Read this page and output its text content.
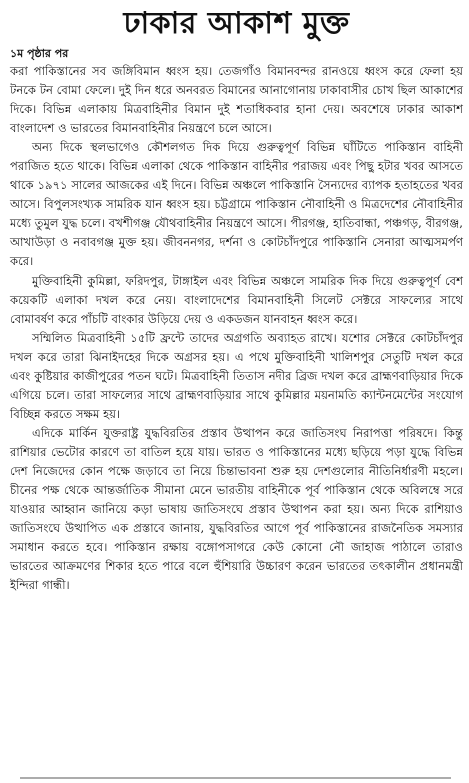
ঢাকার আকাশ মুক্ত
১ম পৃষ্ঠার পর

করা পাকিস্তানের সব জঙ্গিবিমান ধ্বংস হয়। তেজগাঁও বিমানবন্দর রানওয়ে ধ্বংস করে ফেলা হয় টনকে টন বোমা ফেলে। দুই দিন ধরে অনবরত বিমানের আনাগোনায় ঢাকাবাসীর চোখ ছিল আকাশের দিকে। বিভিন্ন এলাকায় মিত্রবাহিনীর বিমান দুই শতাধিকবার হানা দেয়। অবশেষে ঢাকার আকাশ বাংলাদেশ ও ভারতের বিমানবাহিনীর নিয়ন্ত্রণে চলে আসে।

অন্য দিকে স্থলভাগেও কৌশলগত দিক দিয়ে গুরুত্বপূর্ণ বিভিন্ন ঘাঁটিতে পাকিস্তান বাহিনী পরাজিত হতে থাকে। বিভিন্ন এলাকা থেকে পাকিস্তান বাহিনীর পরাজয় এবং পিছু হটার খবর আসতে থাকে ১৯৭১ সালের আজকের এই দিনে। বিভিন্ন অঞ্চলে পাকিস্তানি সৈন্যদের ব্যাপক হতাহতের খবর আসে। বিপুলসংখ্যক সামরিক যান ধ্বংস হয়। চট্টগ্রামে পাকিস্তান নৌবাহিনী ও মিত্রদেশের নৌবাহিনীর মধ্যে তুমুল যুদ্ধ চলে। বখশীগঞ্জ যৌথবাহিনীর নিয়ন্ত্রণে আসে। পীরগঞ্জ, হাতিবান্ধা, পঞ্চগড়, বীরগঞ্জ, আখাউড়া ও নবাবগঞ্জ মুক্ত হয়। জীবননগর, দর্শনা ও কোটচাঁদপুরে পাকিস্তানি সেনারা আত্মসমর্পণ করে।

মুক্তিবাহিনী কুমিল্লা, ফরিদপুর, টাঙ্গাইল এবং বিভিন্ন অঞ্চলে সামরিক দিক দিয়ে গুরুত্বপূর্ণ বেশ কয়েকটি এলাকা দখল করে নেয়। বাংলাদেশের বিমানবাহিনী সিলেট সেক্টরে সাফল্যের সাথে বোমাবর্ষণ করে পাঁচটি বাংকার উড়িয়ে দেয় ও একডজন যানবাহন ধ্বংস করে।

সম্মিলিত মিত্রবাহিনী ১৫টি ফ্রন্টে তাদের অগ্রগতি অব্যাহত রাখে। যশোর সেক্টরে কোটচাঁদপুর দখল করে তারা ঝিনাইদহের দিকে অগ্রসর হয়। এ পথে মুক্তিবাহিনী খালিশপুর সেতুটি দখল করে এবং কুষ্টিয়ার কাজীপুরের পতন ঘটে। মিত্রবাহিনী তিতাস নদীর ব্রিজ দখল করে ব্রাহ্মণবাড়িয়ার দিকে এগিয়ে চলে। তারা সাফল্যের সাথে ব্রাহ্মণবাড়িয়ার সাথে কুমিল্লার ময়নামতি ক্যান্টনমেন্টের সংযোগ বিচ্ছিন্ন করতে সক্ষম হয়।

এদিকে মার্কিন যুক্তরাষ্ট্র যুদ্ধবিরতির প্রস্তাব উত্থাপন করে জাতিসংঘ নিরাপত্তা পরিষদে। কিন্তু রাশিয়ার ভেটোর কারণে তা বাতিল হয়ে যায়। ভারত ও পাকিস্তানের মধ্যে ছড়িয়ে পড়া যুদ্ধে বিভিন্ন দেশ নিজেদের কোন পক্ষে জড়াবে তা নিয়ে চিন্তাভাবনা শুরু হয় দেশগুলোর নীতিনির্ধারণী মহলে। চীনের পক্ষ থেকে আন্তর্জাতিক সীমানা মেনে ভারতীয় বাহিনীকে পূর্ব পাকিস্তান থেকে অবিলম্বে সরে যাওয়ার আহ্বান জানিয়ে কড়া ভাষায় জাতিসংঘে প্রস্তাব উত্থাপন করা হয়। অন্য দিকে রাশিয়াও জাতিসংঘে উত্থাপিত এক প্রস্তাবে জানায়, যুদ্ধবিরতির আগে পূর্ব পাকিস্তানের রাজনৈতিক সমস্যার সমাধান করতে হবে। পাকিস্তান রক্ষায় বঙ্গোপসাগরে কেউ কোনো নৌ জাহাজ পাঠালে তারাও ভারতের আক্রমণের শিকার হতে পারে বলে হুঁশিয়ারি উচ্চারণ করেন ভারতের তৎকালীন প্রধানমন্ত্রী ইন্দিরা গান্ধী।
